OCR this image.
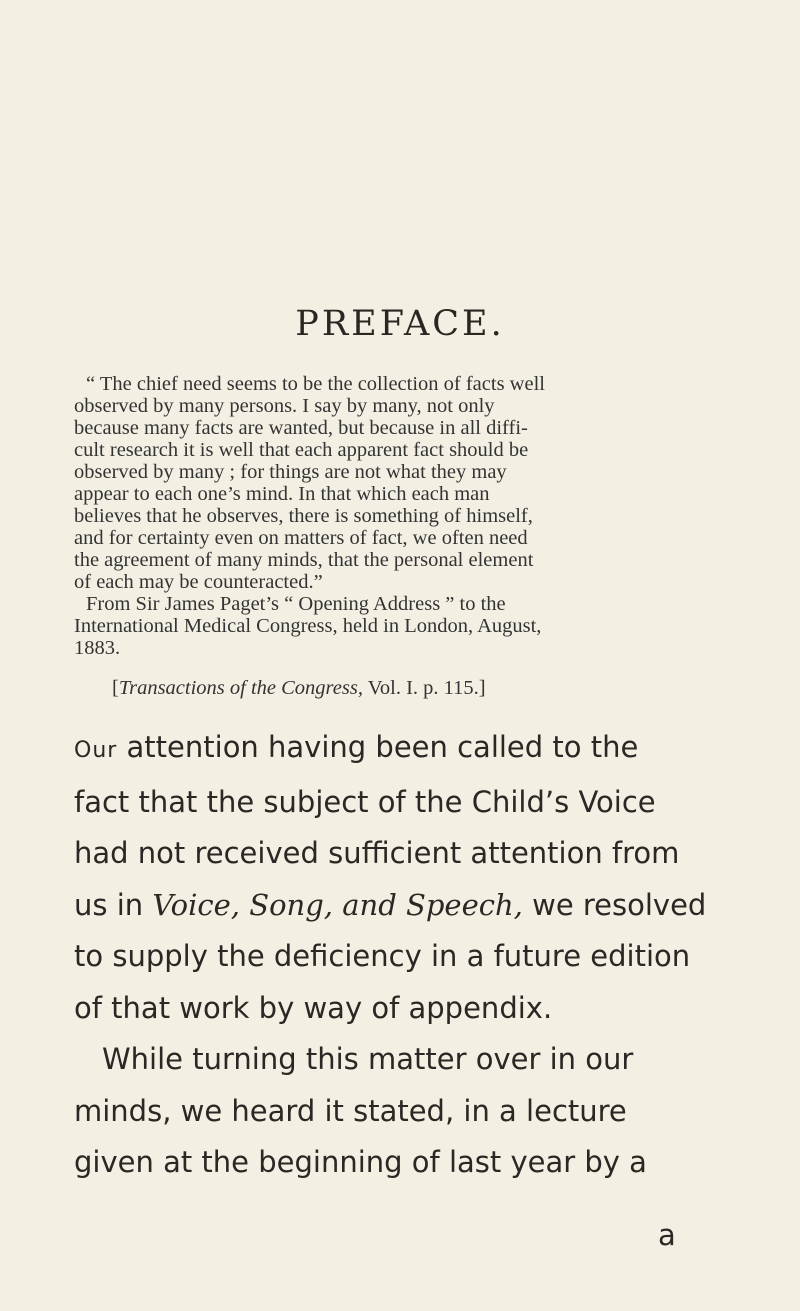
PREFACE.

“ The chief need seems to be the collection of facts well

observed by many persons. I say by many, not only

because many facts are wanted, but because in all diffi-

cult research it is well that each apparent fact should be

observed by many ; for things are not what they may

appear to each one’s mind. In that which each man

believes that he observes, there is something of himself,

and for certainty even on matters of fact, we often need

the agreement of many minds, that the personal element

of each may be counteracted.”

From Sir James Paget’s “ Opening Address ” to the

International Medical Congress, held in London, August,

1883.

[Transactions of the Congress, Vol. I. p. 115.]

Our attention having been called to the

fact that the subject of the Child’s Voice

had not received sufficient attention from

us in Voice, Song, and Speech, we resolved

to supply the deficiency in a future edition

of that work by way of appendix.

While turning this matter over in our

minds, we heard it stated, in a lecture

given at the beginning of last year by a

a
